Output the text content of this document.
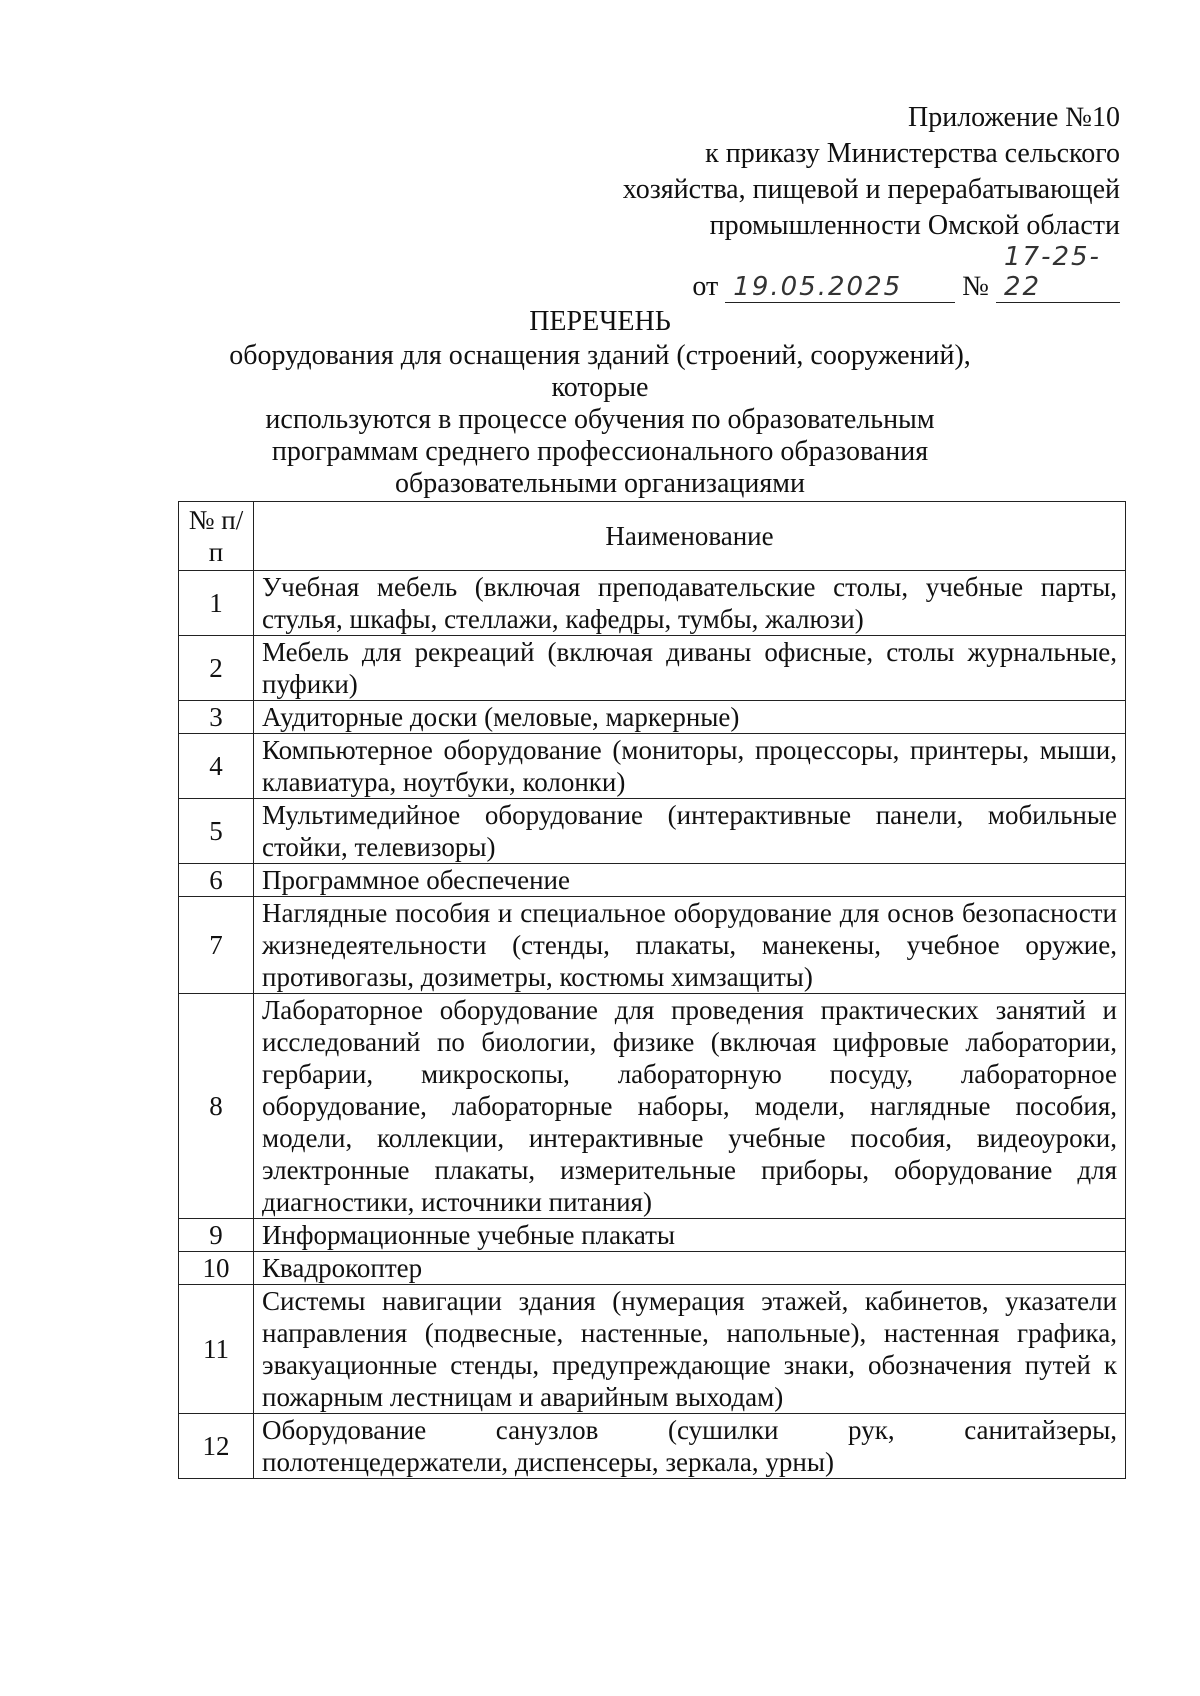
Приложение №10
к приказу Министерства сельского
хозяйства, пищевой и перерабатывающей
промышленности Омской области
от 19.05.2025 № 17-25-22
ПЕРЕЧЕНЬ
оборудования для оснащения зданий (строений, сооружений), которые
используются в процессе обучения по образовательным
программам среднего профессионального образования
образовательными организациями
№ п/п	Наименование
1	Учебная мебель (включая преподавательские столы, учебные парты, стулья, шкафы, стеллажи, кафедры, тумбы, жалюзи)
2	Мебель для рекреаций (включая диваны офисные, столы журнальные, пуфики)
3	Аудиторные доски (меловые, маркерные)
4	Компьютерное оборудование (мониторы, процессоры, принтеры, мыши, клавиатура, ноутбуки, колонки)
5	Мультимедийное оборудование (интерактивные панели, мобильные стойки, телевизоры)
6	Программное обеспечение
7	Наглядные пособия и специальное оборудование для основ безопасности жизнедеятельности (стенды, плакаты, манекены, учебное оружие, противогазы, дозиметры, костюмы химзащиты)
8	Лабораторное оборудование для проведения практических занятий и исследований по биологии, физике (включая цифровые лаборатории, гербарии, микроскопы, лабораторную посуду, лабораторное оборудование, лабораторные наборы, модели, наглядные пособия, модели, коллекции, интерактивные учебные пособия, видеоуроки, электронные плакаты, измерительные приборы, оборудование для диагностики, источники питания)
9	Информационные учебные плакаты
10	Квадрокоптер
11	Системы навигации здания (нумерация этажей, кабинетов, указатели направления (подвесные, настенные, напольные), настенная графика, эвакуационные стенды, предупреждающие знаки, обозначения путей к пожарным лестницам и аварийным выходам)
12	Оборудование санузлов (сушилки рук, санитайзеры, полотенцедержатели, диспенсеры, зеркала, урны)
